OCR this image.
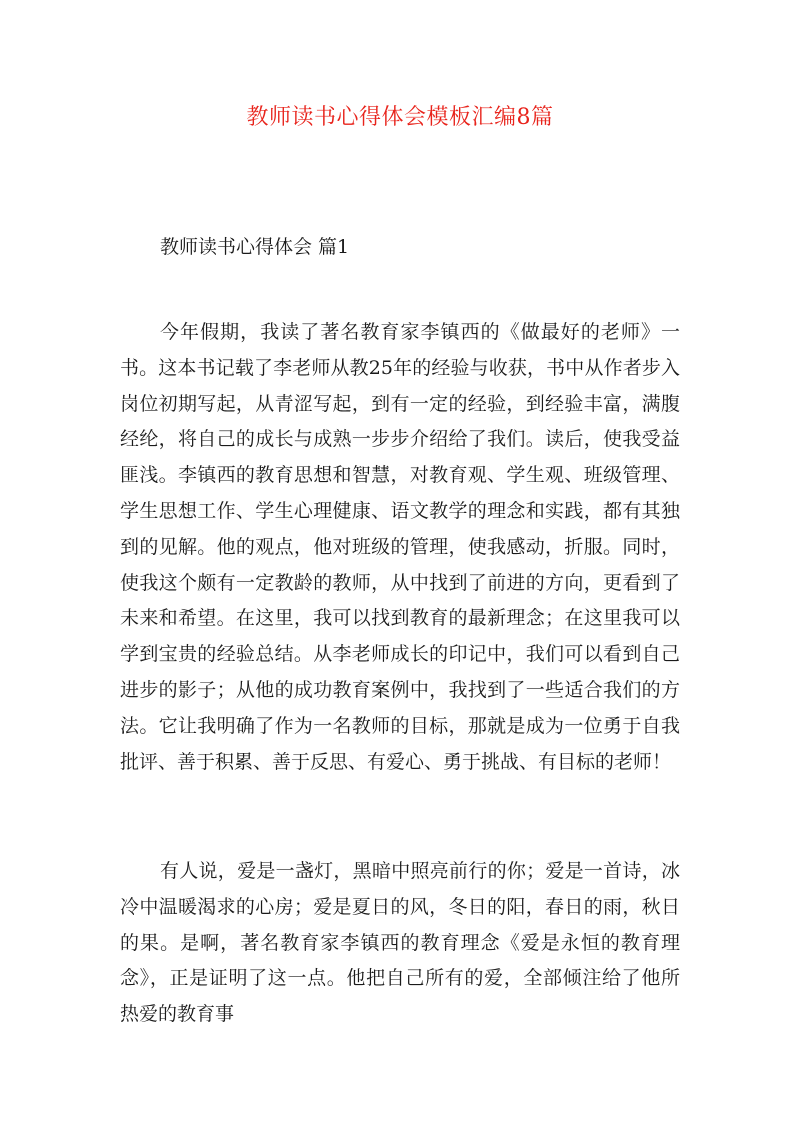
教师读书心得体会模板汇编8篇
教师读书心得体会 篇1

今年假期，我读了著名教育家李镇西的《做最好的老师》一书。这本书记载了李老师从教25年的经验与收获，书中从作者步入岗位初期写起，从青涩写起，到有一定的经验，到经验丰富，满腹经纶，将自己的成长与成熟一步步介绍给了我们。读后，使我受益匪浅。李镇西的教育思想和智慧，对教育观、学生观、班级管理、学生思想工作、学生心理健康、语文教学的理念和实践，都有其独到的见解。他的观点，他对班级的管理，使我感动，折服。同时，使我这个颇有一定教龄的教师，从中找到了前进的方向，更看到了未来和希望。在这里，我可以找到教育的最新理念；在这里我可以学到宝贵的经验总结。从李老师成长的印记中，我们可以看到自己进步的影子；从他的成功教育案例中，我找到了一些适合我们的方法。它让我明确了作为一名教师的目标，那就是成为一位勇于自我批评、善于积累、善于反思、有爱心、勇于挑战、有目标的老师！

有人说，爱是一盏灯，黑暗中照亮前行的你；爱是一首诗，冰冷中温暖渴求的心房；爱是夏日的风，冬日的阳，春日的雨，秋日的果。是啊，著名教育家李镇西的教育理念《爱是永恒的教育理念》，正是证明了这一点。他把自己所有的爱，全部倾注给了他所热爱的教育事
